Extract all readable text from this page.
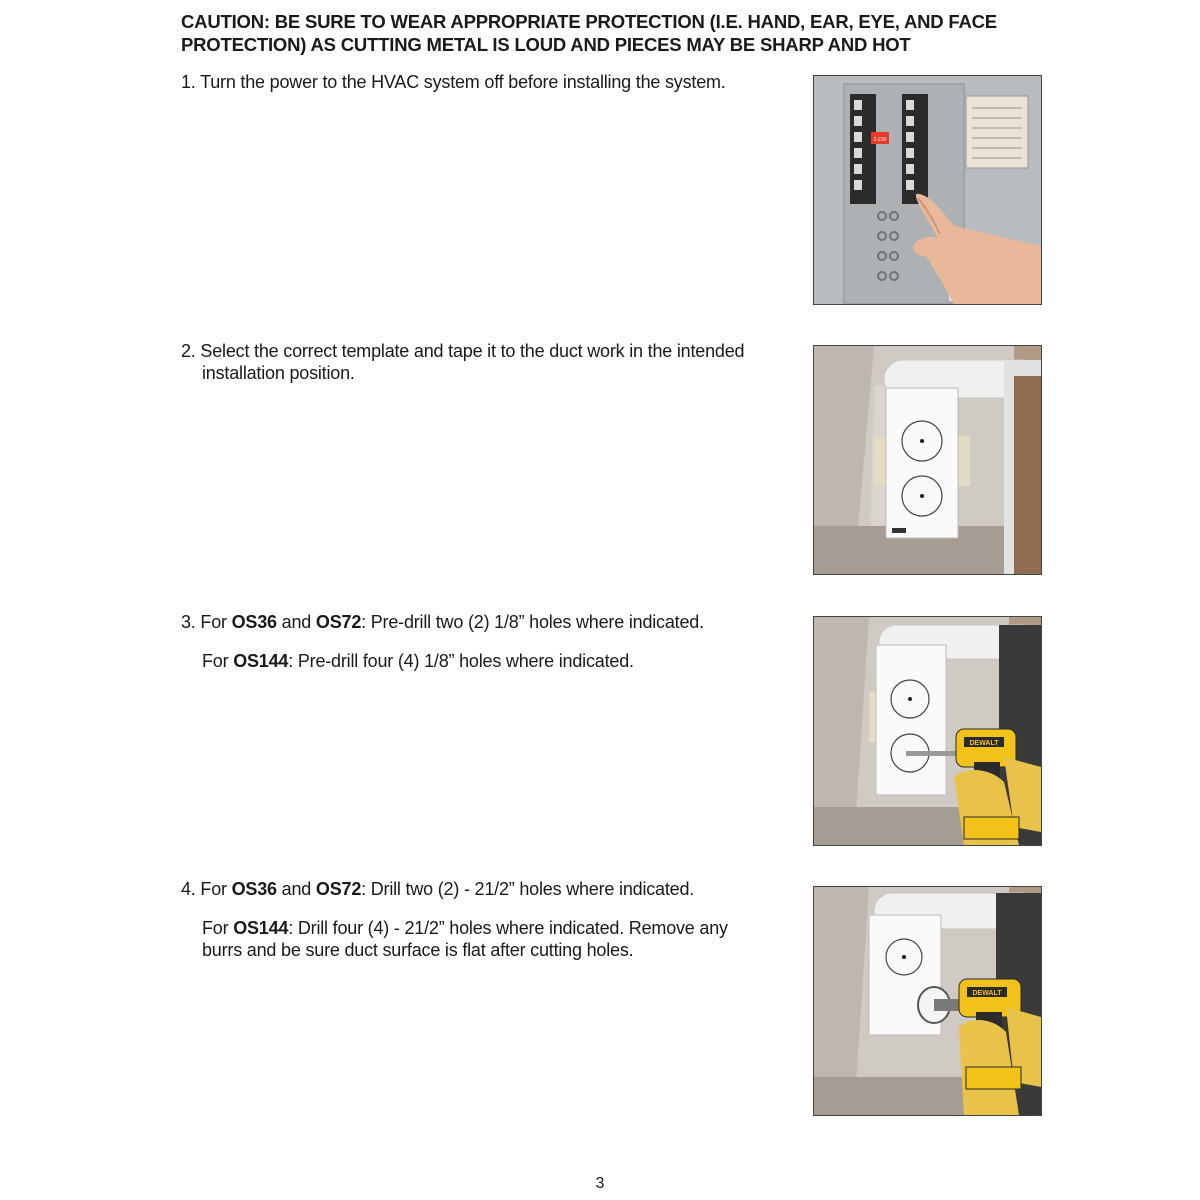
CAUTION: BE SURE TO WEAR APPROPRIATE PROTECTION (I.E. HAND, EAR, EYE, AND FACE
PROTECTION) AS CUTTING METAL IS LOUD AND PIECES MAY BE SHARP AND HOT

1. Turn the power to the HVAC system off before installing the system.

2-230

2. Select the correct template and tape it to the duct work in the intended

installation position.

3. For OS36 and OS72: Pre-drill two (2) 1/8” holes where indicated.

For OS144: Pre-drill four (4) 1/8” holes where indicated.

DEWALT

4. For OS36 and OS72: Drill two (2) - 21/2” holes where indicated.

For OS144: Drill four (4) - 21/2” holes where indicated. Remove any

burrs and be sure duct surface is flat after cutting holes.

DEWALT
3
